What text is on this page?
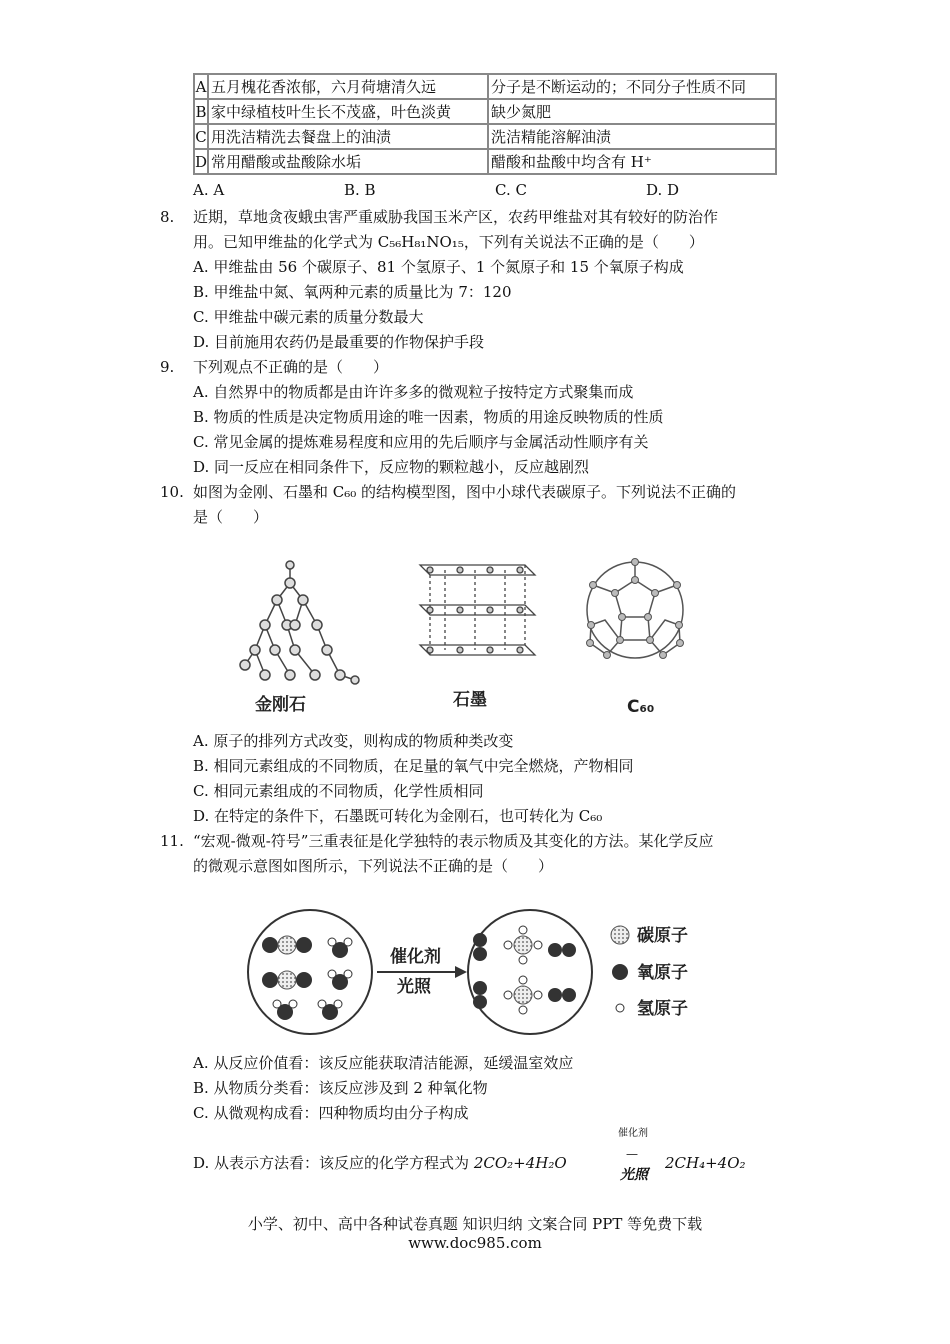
A	五月槐花香浓郁，六月荷塘清久远	分子是不断运动的；不同分子性质不同
B	家中绿植枝叶生长不茂盛，叶色淡黄	缺少氮肥
C	用洗洁精洗去餐盘上的油渍	洗洁精能溶解油渍
D	常用醋酸或盐酸除水垢	醋酸和盐酸中均含有 H⁺
A. A	B. B	C. C	D. D
8. 近期，草地贪夜蛾虫害严重威胁我国玉米产区，农药甲维盐对其有较好的防治作
用。已知甲维盐的化学式为 C₅₆H₈₁NO₁₅，下列有关说法不正确的是（　　）
A. 甲维盐由 56 个碳原子、81 个氢原子、1 个氮原子和 15 个氧原子构成
B. 甲维盐中氮、氧两种元素的质量比为 7：120
C. 甲维盐中碳元素的质量分数最大
D. 目前施用农药仍是最重要的作物保护手段
9. 下列观点不正确的是（　　）
A. 自然界中的物质都是由许许多多的微观粒子按特定方式聚集而成
B. 物质的性质是决定物质用途的唯一因素，物质的用途反映物质的性质
C. 常见金属的提炼难易程度和应用的先后顺序与金属活动性顺序有关
D. 同一反应在相同条件下，反应物的颗粒越小，反应越剧烈
10. 如图为金刚、石墨和 C₆₀ 的结构模型图，图中小球代表碳原子。下列说法不正确的
是（　　）
金刚石	石墨	C₆₀
A. 原子的排列方式改变，则构成的物质种类改变
B. 相同元素组成的不同物质，在足量的氧气中完全燃烧，产物相同
C. 相同元素组成的不同物质，化学性质相同
D. 在特定的条件下，石墨既可转化为金刚石，也可转化为 C₆₀
11. “宏观-微观-符号”三重表征是化学独特的表示物质及其变化的方法。某化学反应
的微观示意图如图所示，下列说法不正确的是（　　）
催化剂
光照
碳原子
氧原子
氢原子
A. 从反应价值看：该反应能获取清洁能源，延缓温室效应
B. 从物质分类看：该反应涉及到 2 种氧化物
C. 从微观构成看：四种物质均由分子构成
D. 从表示方法看：该反应的化学方程式为 2CO₂+4H₂O
催化剂
—
光照
2CH₄+4O₂
小学、初中、高中各种试卷真题 知识归纳 文案合同 PPT 等免费下载
www.doc985.com
